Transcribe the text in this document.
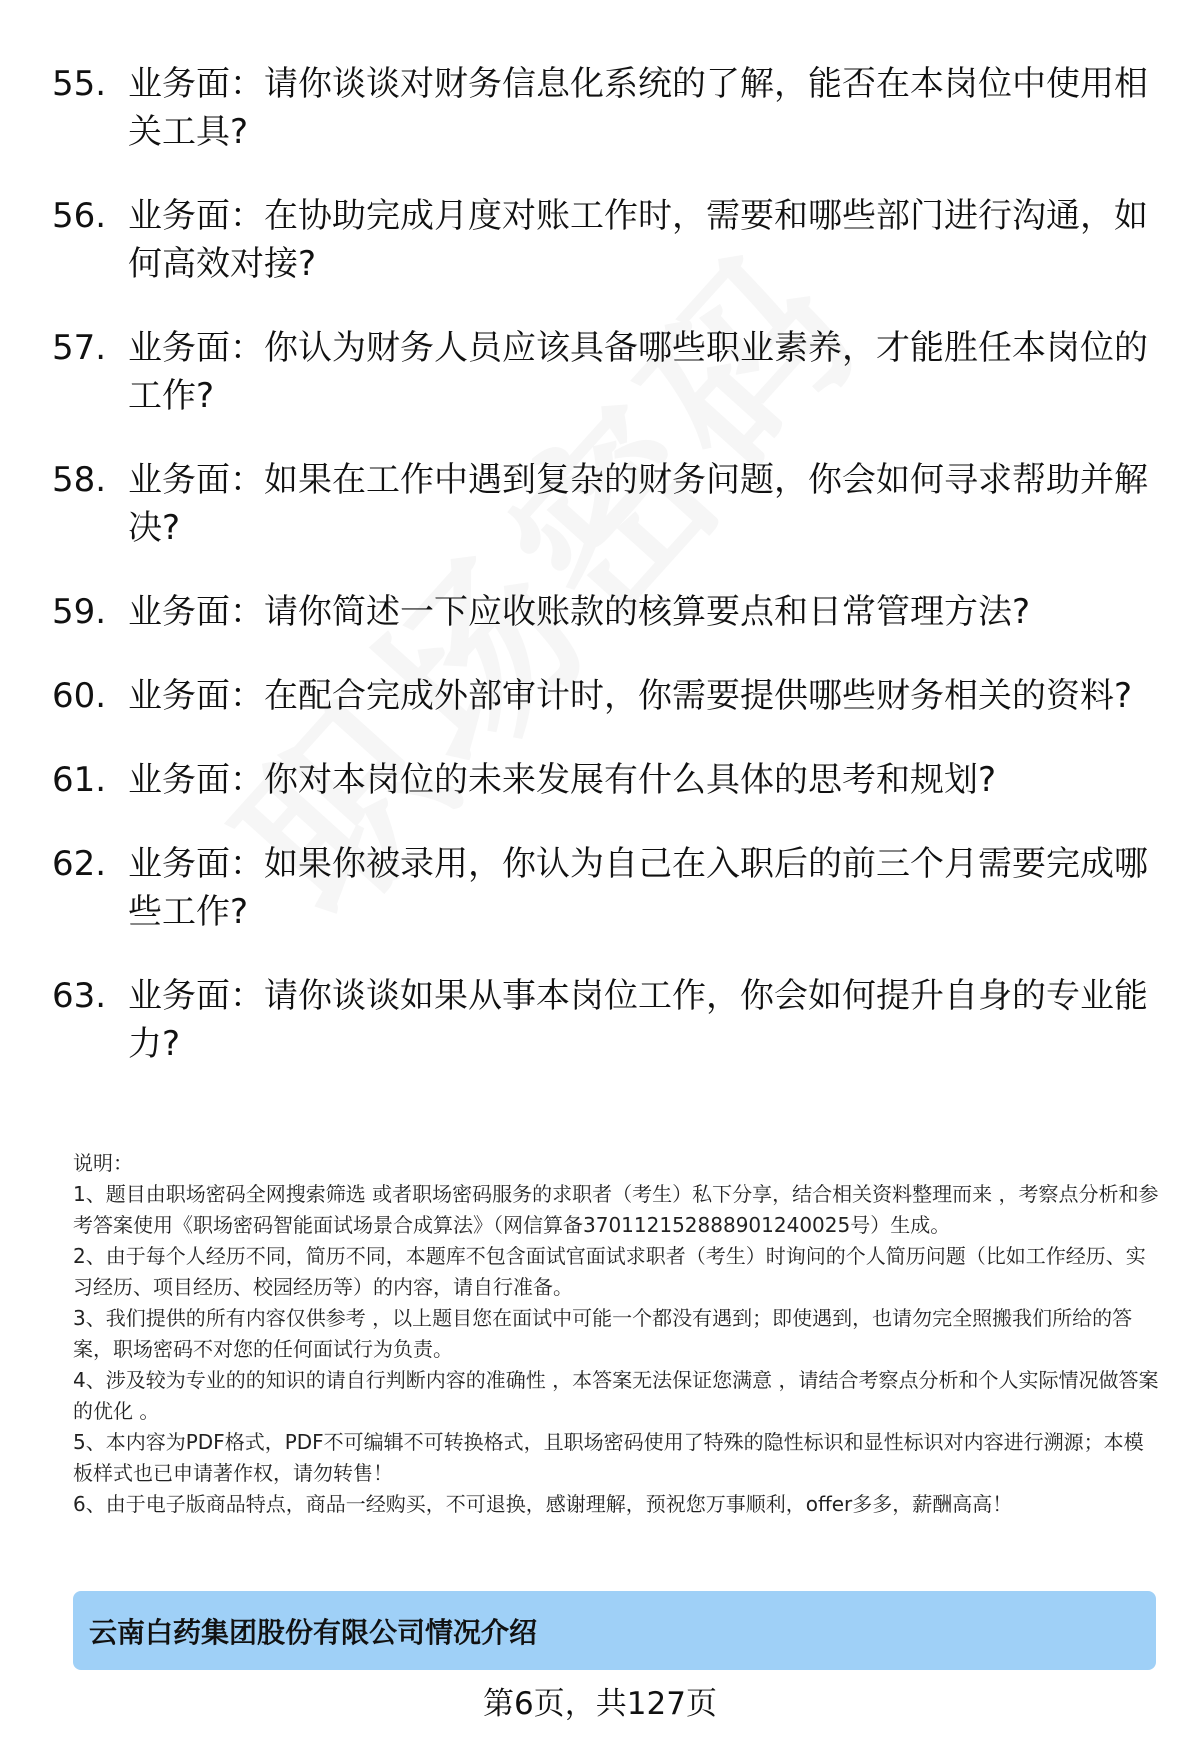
55. 业务面：请你谈谈对财务信息化系统的了解，能否在本岗位中使用相关工具?
56. 业务面：在协助完成月度对账工作时，需要和哪些部门进行沟通，如何高效对接?
57. 业务面：你认为财务人员应该具备哪些职业素养，才能胜任本岗位的工作?
58. 业务面：如果在工作中遇到复杂的财务问题，你会如何寻求帮助并解决?
59. 业务面：请你简述一下应收账款的核算要点和日常管理方法?
60. 业务面：在配合完成外部审计时，你需要提供哪些财务相关的资料?
61. 业务面：你对本岗位的未来发展有什么具体的思考和规划?
62. 业务面：如果你被录用，你认为自己在入职后的前三个月需要完成哪些工作?
63. 业务面：请你谈谈如果从事本岗位工作，你会如何提升自身的专业能力?

说明：

1、题目由职场密码全网搜索筛选 或者职场密码服务的求职者（考生）私下分享，结合相关资料整理而来 ，考察点分析和参考答案使用《职场密码智能面试场景合成算法》（网信算备370112152888901240025号）生成。

2、由于每个人经历不同，简历不同，本题库不包含面试官面试求职者（考生）时询问的个人简历问题（比如工作经历、实习经历、项目经历、校园经历等）的内容，请自行准备。

3、我们提供的所有内容仅供参考 ，以上题目您在面试中可能一个都没有遇到；即使遇到，也请勿完全照搬我们所给的答案，职场密码不对您的任何面试行为负责。

4、涉及较为专业的的知识的请自行判断内容的准确性 ，本答案无法保证您满意 ，请结合考察点分析和个人实际情况做答案的优化 。

5、本内容为PDF格式，PDF不可编辑不可转换格式，且职场密码使用了特殊的隐性标识和显性标识对内容进行溯源；本模板样式也已申请著作权，请勿转售！

6、由于电子版商品特点，商品一经购买，不可退换，感谢理解，预祝您万事顺利，offer多多，薪酬高高！

云南白药集团股份有限公司情况介绍
第6页，共127页
